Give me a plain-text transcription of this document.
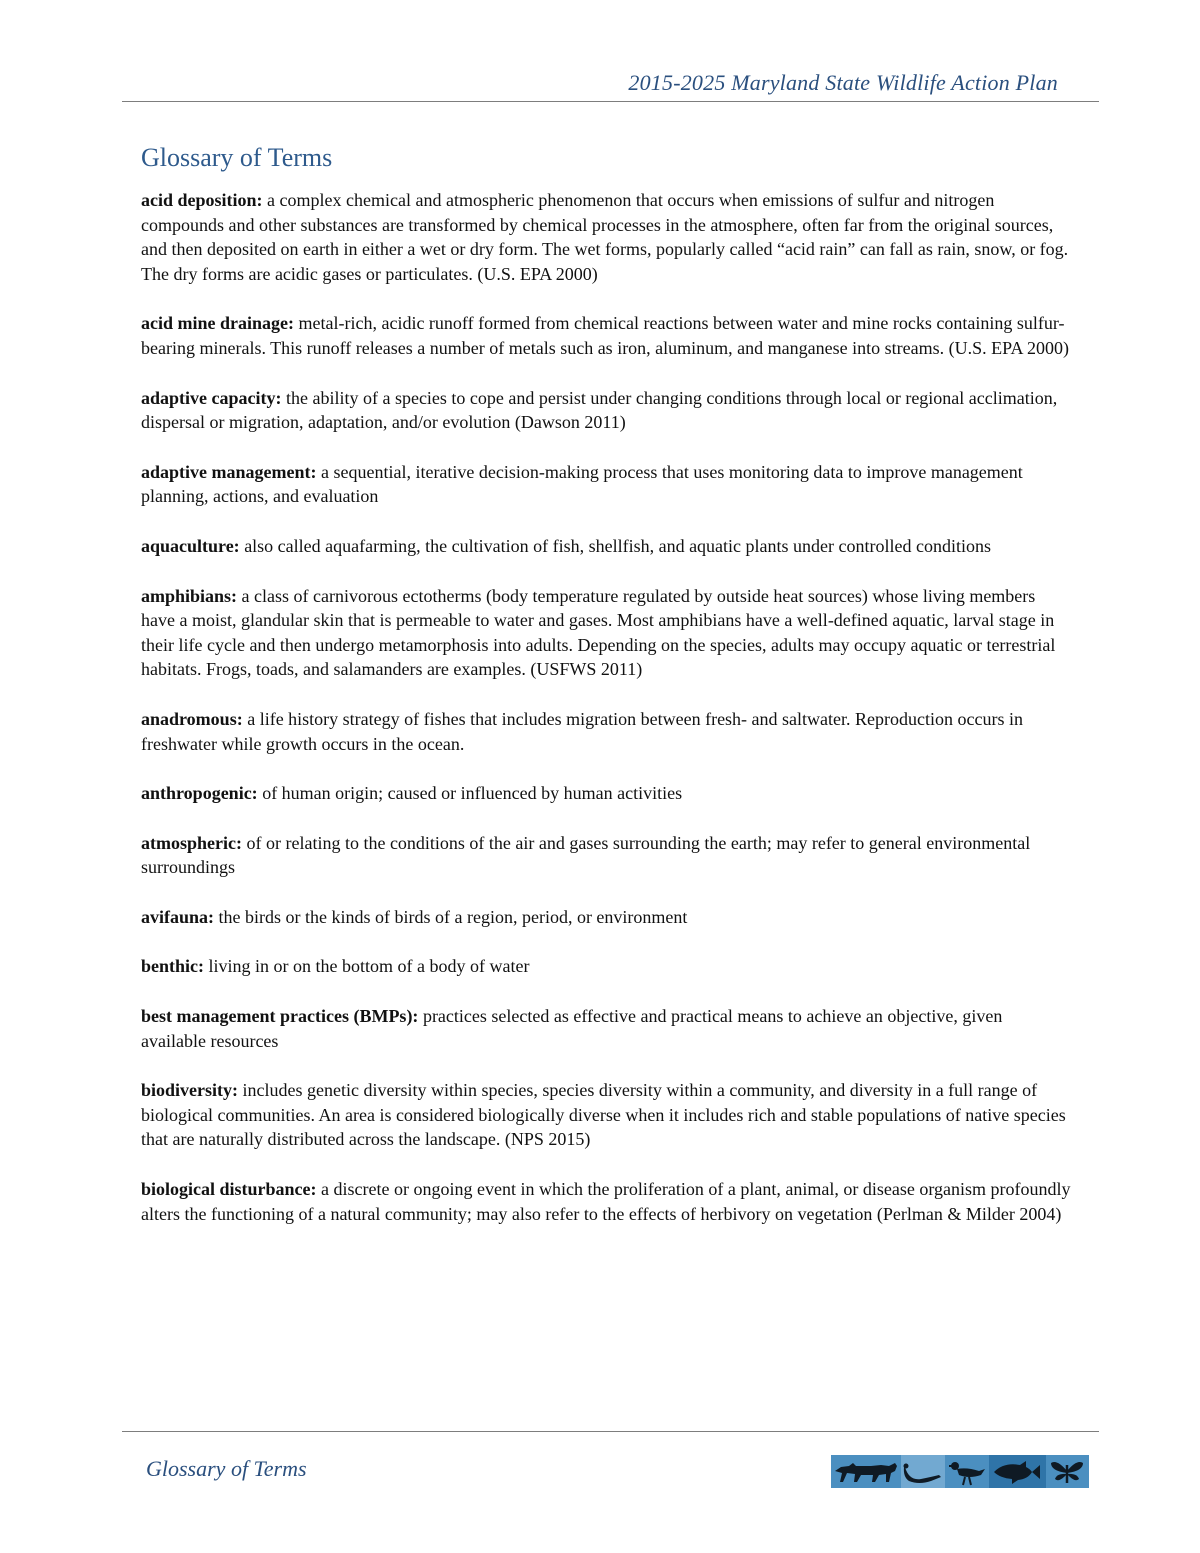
2015-2025 Maryland State Wildlife Action Plan
Glossary of Terms

acid deposition: a complex chemical and atmospheric phenomenon that occurs when emissions of sulfur and nitrogen compounds and other substances are transformed by chemical processes in the atmosphere, often far from the original sources, and then deposited on earth in either a wet or dry form. The wet forms, popularly called “acid rain” can fall as rain, snow, or fog. The dry forms are acidic gases or particulates. (U.S. EPA 2000)

acid mine drainage: metal-rich, acidic runoff formed from chemical reactions between water and mine rocks containing sulfur-bearing minerals. This runoff releases a number of metals such as iron, aluminum, and manganese into streams. (U.S. EPA 2000)

adaptive capacity: the ability of a species to cope and persist under changing conditions through local or regional acclimation, dispersal or migration, adaptation, and/or evolution (Dawson 2011)

adaptive management: a sequential, iterative decision-making process that uses monitoring data to improve management planning, actions, and evaluation

aquaculture: also called aquafarming, the cultivation of fish, shellfish, and aquatic plants under controlled conditions

amphibians: a class of carnivorous ectotherms (body temperature regulated by outside heat sources) whose living members have a moist, glandular skin that is permeable to water and gases. Most amphibians have a well-defined aquatic, larval stage in their life cycle and then undergo metamorphosis into adults. Depending on the species, adults may occupy aquatic or terrestrial habitats. Frogs, toads, and salamanders are examples. (USFWS 2011)

anadromous: a life history strategy of fishes that includes migration between fresh- and saltwater. Reproduction occurs in freshwater while growth occurs in the ocean.

anthropogenic: of human origin; caused or influenced by human activities

atmospheric: of or relating to the conditions of the air and gases surrounding the earth; may refer to general environmental surroundings

avifauna: the birds or the kinds of birds of a region, period, or environment

benthic: living in or on the bottom of a body of water

best management practices (BMPs): practices selected as effective and practical means to achieve an objective, given available resources

biodiversity: includes genetic diversity within species, species diversity within a community, and diversity in a full range of biological communities. An area is considered biologically diverse when it includes rich and stable populations of native species that are naturally distributed across the landscape. (NPS 2015)

biological disturbance: a discrete or ongoing event in which the proliferation of a plant, animal, or disease organism profoundly alters the functioning of a natural community; may also refer to the effects of herbivory on vegetation (Perlman & Milder 2004)

Glossary of Terms
